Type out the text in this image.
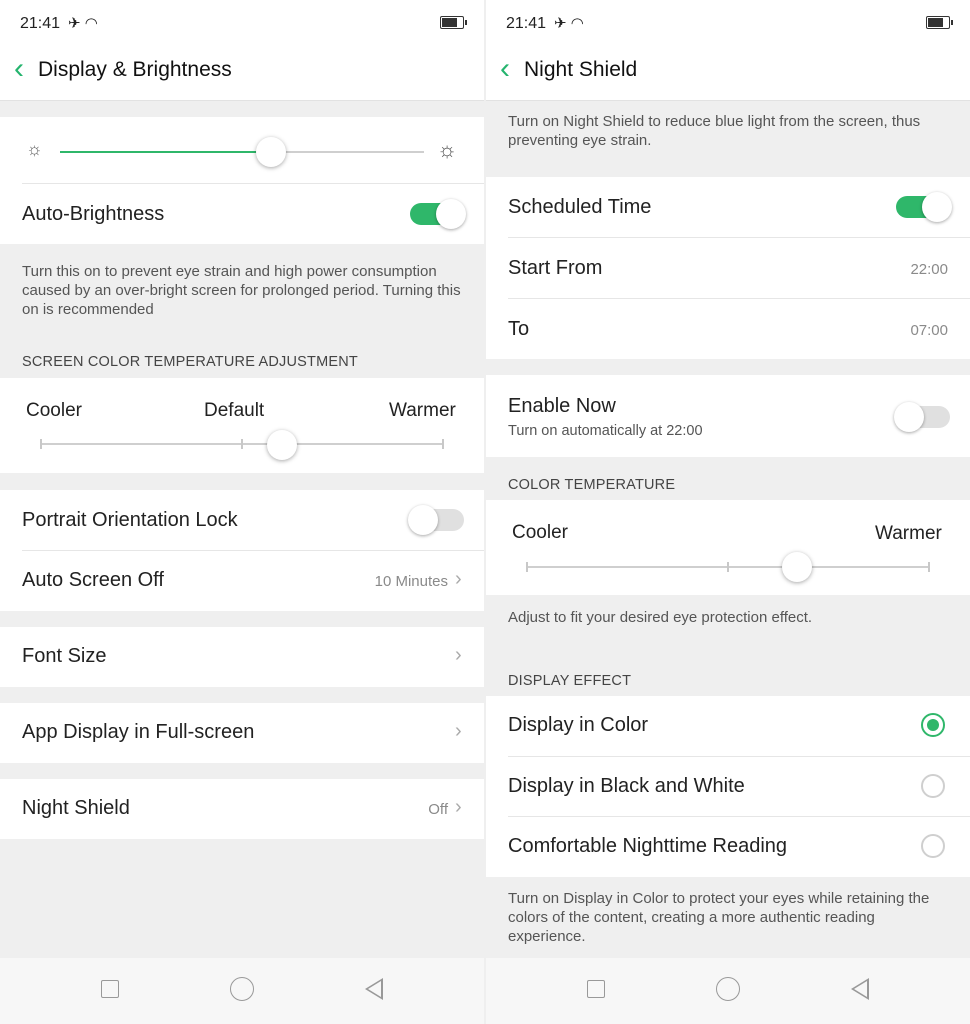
21:41 ✈ ◠
‹ Display & Brightness
☼	☼
Auto-Brightness
Turn this on to prevent eye strain and high power consumption caused by an over-bright screen for prolonged period. Turning this on is recommended
SCREEN COLOR TEMPERATURE ADJUSTMENT
Cooler	Default	Warmer
Portrait Orientation Lock
Auto Screen Off	10 Minutes ›
Font Size	›
App Display in Full-screen	›
Night Shield	Off ›
21:41 ✈ ◠
‹ Night Shield
Turn on Night Shield to reduce blue light from the screen, thus preventing eye strain.
Scheduled Time
Start From	22:00
To	07:00
Enable Now
Turn on automatically at 22:00
COLOR TEMPERATURE
Cooler	Warmer
Adjust to fit your desired eye protection effect.
DISPLAY EFFECT
Display in Color
Display in Black and White
Comfortable Nighttime Reading
Turn on Display in Color to protect your eyes while retaining the colors of the content, creating a more authentic reading experience.
